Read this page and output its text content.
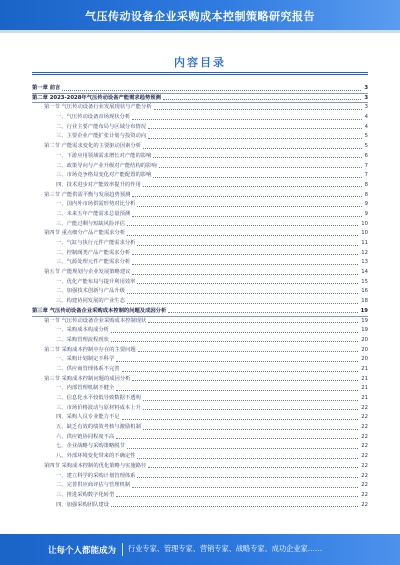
气压传动设备企业采购成本控制策略研究报告
内容目录
第一章 前言	3
第二章 2023-2028年气压传动设备产能需求趋势预测	3
第一节 气压传动设备行业发展现状与产能分析	3
一、气压传动设备市场现状分析	4
二、行业主要产能布局与区域分布情况	4
三、主要企业产能扩张计划与投资动向	5
第二节 产能需求变化的主要驱动因素分析	5
一、下游应用领域需求增长对产能的影响	6
二、政策导向与产业升级对产能结构的影响	7
三、市场竞争格局变化对产能配置的影响	7
四、技术进步对产能效率提升的作用	8
第三节 产能供需平衡与发展趋势预测	8
一、国内外市场供需形势对比分析	9
二、未来五年产能需求总量预测	9
三、产能过剩与短缺风险评估	10
第四节 重点细分产品产能需求分析	10
一、气缸与执行元件产能需求分析	11
二、控制阀类产品产能需求分析	12
三、气源处理元件产能需求分析	13
第五节 产能规划与企业发展策略建议	14
一、优化产能布局与提升利用效率	15
二、加强技术创新与产品升级	16
三、构建协同发展的产业生态	18
第三章 气压传动设备企业采购成本控制的问题及成因分析	19
第一节 气压传动设备企业采购成本控制现状	19
一、采购成本构成分析	19
二、采购管理流程现状	20
第二节 采购成本控制中存在的主要问题	20
一、采购计划制定不科学	20
二、供应商管理体系不完善	21
第三节 采购成本控制问题的成因分析	21
一、内部管理机制不健全	21
二、信息化水平较低导致数据不透明	21
三、市场价格波动与原材料成本上升	22
四、采购人员专业能力不足	22
五、缺乏有效的绩效考核与激励机制	22
六、供应链协同程度不高	22
七、企业战略与采购策略脱节	22
八、外部环境变化带来的不确定性	22
第四节 采购成本控制的优化策略与实施路径	22
一、建立科学的采购计划管理体系	22
二、完善供应商评估与管理机制	22
三、推进采购数字化转型	22
四、加强采购团队建设	22
让每个人都能成为 行业专家、管理专家、营销专家、战略专家、成功企业家……
